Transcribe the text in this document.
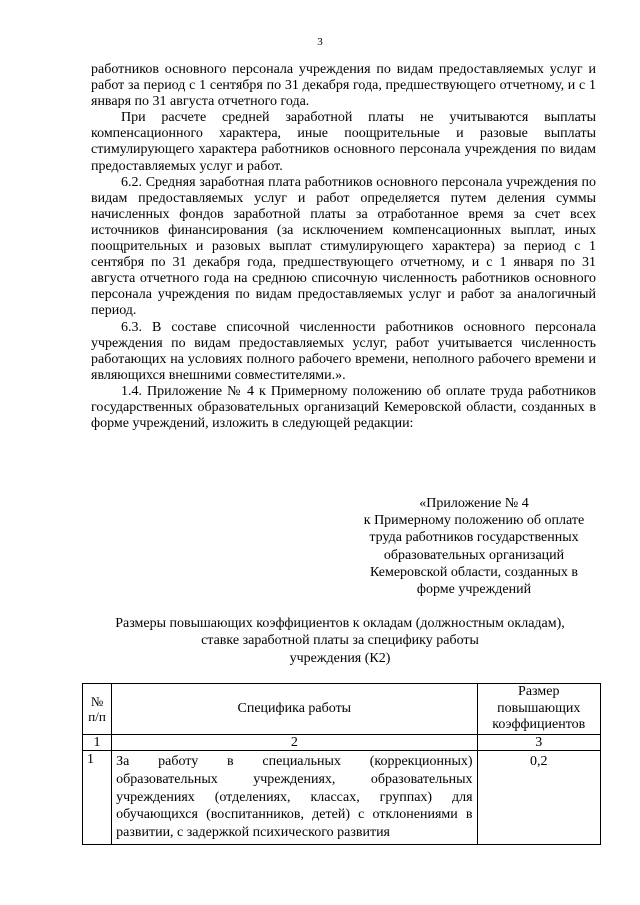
3

работников основного персонала учреждения по видам предоставляемых услуг и работ за период с 1 сентября по 31 декабря года, предшествующего отчетному, и с 1 января по 31 августа отчетного года.

При расчете средней заработной платы не учитываются выплаты компенсационного характера, иные поощрительные и разовые выплаты стимулирующего характера работников основного персонала учреждения по видам предоставляемых услуг и работ.

6.2. Средняя заработная плата работников основного персонала учреждения по видам предоставляемых услуг и работ определяется путем деления суммы начисленных фондов заработной платы за отработанное время за счет всех источников финансирования (за исключением компенсационных выплат, иных поощрительных и разовых выплат стимулирующего характера) за период с 1 сентября по 31 декабря года, предшествующего отчетному, и с 1 января по 31 августа отчетного года на среднюю списочную численность работников основного персонала учреждения по видам предоставляемых услуг и работ за аналогичный период.

6.3. В составе списочной численности работников основного персонала учреждения по видам предоставляемых услуг, работ учитывается численность работающих на условиях полного рабочего времени, неполного рабочего времени и являющихся внешними совместителями.».

1.4. Приложение № 4 к Примерному положению об оплате труда работников государственных образовательных организаций Кемеровской области, созданных в форме учреждений, изложить в следующей редакции:

«Приложение № 4
к Примерному положению об оплате
труда работников государственных
образовательных организаций
Кемеровской области, созданных в
форме учреждений
Размеры повышающих коэффициентов к окладам (должностным окладам),
ставке заработной платы за специфику работы
учреждения (К2)
№ п/п	Специфика работы	Размер повышающих коэффициентов
1	2	3
1	За работу в специальных (коррекционных) образовательных учреждениях, образовательных учреждениях (отделениях, классах, группах) для обучающихся (воспитанников, детей) с отклонениями в развитии, с задержкой психического развития	0,2
